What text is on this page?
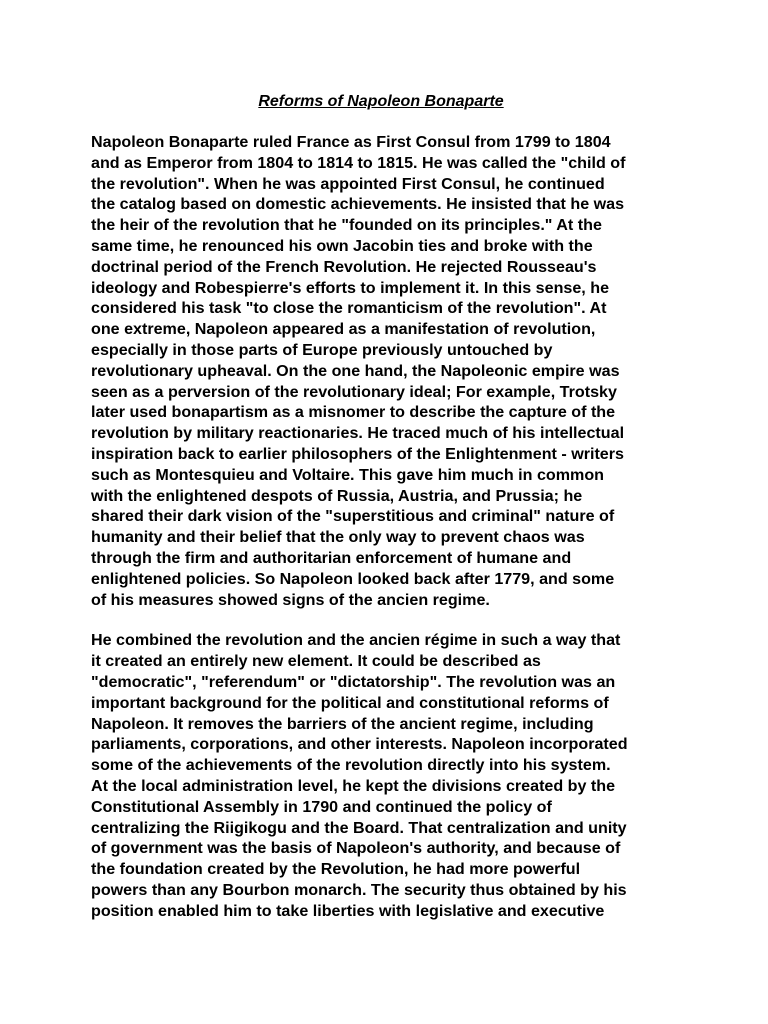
Reforms of Napoleon Bonaparte
Napoleon Bonaparte ruled France as First Consul from 1799 to 1804
and as Emperor from 1804 to 1814 to 1815. He was called the "child of
the revolution". When he was appointed First Consul, he continued
the catalog based on domestic achievements. He insisted that he was
the heir of the revolution that he "founded on its principles." At the
same time, he renounced his own Jacobin ties and broke with the
doctrinal period of the French Revolution. He rejected Rousseau's
ideology and Robespierre's efforts to implement it. In this sense, he
considered his task "to close the romanticism of the revolution". At
one extreme, Napoleon appeared as a manifestation of revolution,
especially in those parts of Europe previously untouched by
revolutionary upheaval. On the one hand, the Napoleonic empire was
seen as a perversion of the revolutionary ideal; For example, Trotsky
later used bonapartism as a misnomer to describe the capture of the
revolution by military reactionaries. He traced much of his intellectual
inspiration back to earlier philosophers of the Enlightenment - writers
such as Montesquieu and Voltaire. This gave him much in common
with the enlightened despots of Russia, Austria, and Prussia; he
shared their dark vision of the "superstitious and criminal" nature of
humanity and their belief that the only way to prevent chaos was
through the firm and authoritarian enforcement of humane and
enlightened policies. So Napoleon looked back after 1779, and some
of his measures showed signs of the ancien regime.
He combined the revolution and the ancien régime in such a way that
it created an entirely new element. It could be described as
"democratic", "referendum" or "dictatorship". The revolution was an
important background for the political and constitutional reforms of
Napoleon. It removes the barriers of the ancient regime, including
parliaments, corporations, and other interests. Napoleon incorporated
some of the achievements of the revolution directly into his system.
At the local administration level, he kept the divisions created by the
Constitutional Assembly in 1790 and continued the policy of
centralizing the Riigikogu and the Board. That centralization and unity
of government was the basis of Napoleon's authority, and because of
the foundation created by the Revolution, he had more powerful
powers than any Bourbon monarch. The security thus obtained by his
position enabled him to take liberties with legislative and executive
